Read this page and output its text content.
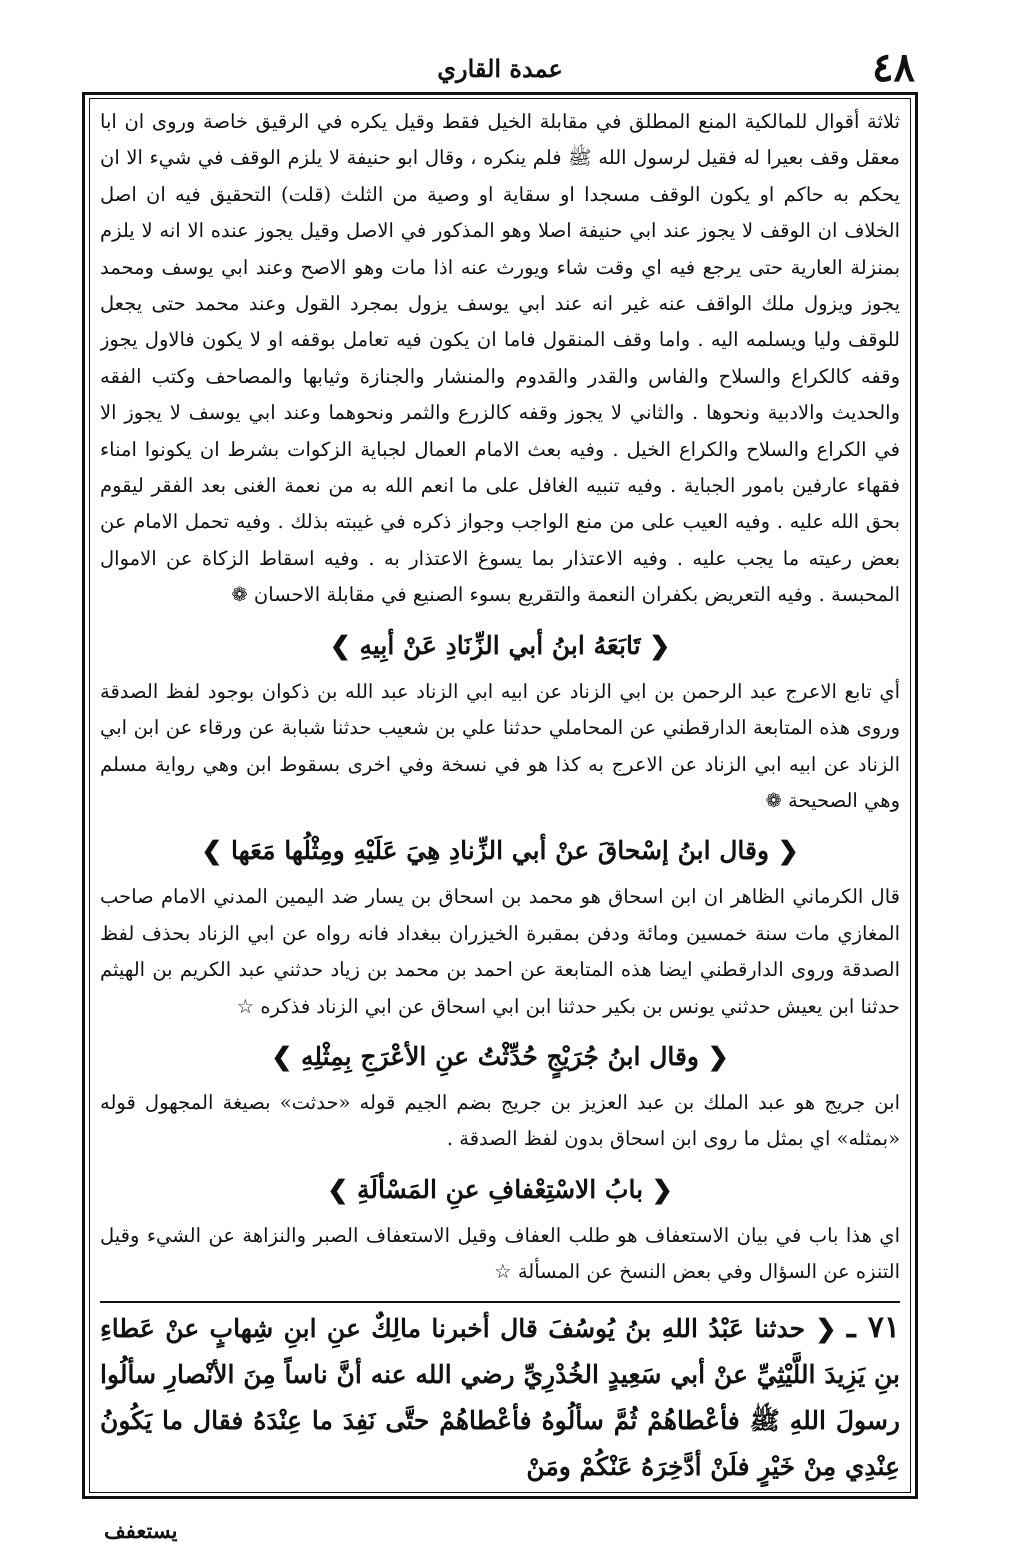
٤٨
عمدة القاري

ثلاثة أقوال للمالكية المنع المطلق في مقابلة الخيل فقط وقيل يكره في الرقيق خاصة وروى ان ابا معقل وقف بعيرا له فقيل لرسول الله ﷺ فلم ينكره ، وقال ابو حنيفة لا يلزم الوقف في شيء الا ان يحكم به حاكم او يكون الوقف مسجدا او سقاية او وصية من الثلث (قلت) التحقيق فيه ان اصل الخلاف ان الوقف لا يجوز عند ابي حنيفة اصلا وهو المذكور في الاصل وقيل يجوز عنده الا انه لا يلزم بمنزلة العارية حتى يرجع فيه اي وقت شاء ويورث عنه اذا مات وهو الاصح وعند ابي يوسف ومحمد يجوز ويزول ملك الواقف عنه غير انه عند ابي يوسف يزول بمجرد القول وعند محمد حتى يجعل للوقف وليا ويسلمه اليه . واما وقف المنقول فاما ان يكون فيه تعامل بوقفه او لا يكون فالاول يجوز وقفه كالكراع والسلاح والفاس والقدر والقدوم والمنشار والجنازة وثيابها والمصاحف وكتب الفقه والحديث والادبية ونحوها . والثاني لا يجوز وقفه كالزرع والثمر ونحوهما وعند ابي يوسف لا يجوز الا في الكراع والسلاح والكراع الخيل . وفيه بعث الامام العمال لجباية الزكوات بشرط ان يكونوا امناء فقهاء عارفين بامور الجباية . وفيه تنبيه الغافل على ما انعم الله به من نعمة الغنى بعد الفقر ليقوم بحق الله عليه . وفيه العيب على من منع الواجب وجواز ذكره في غيبته بذلك . وفيه تحمل الامام عن بعض رعيته ما يجب عليه . وفيه الاعتذار بما يسوغ الاعتذار به . وفيه اسقاط الزكاة عن الاموال المحبسة . وفيه التعريض بكفران النعمة والتقريع بسوء الصنيع في مقابلة الاحسان ❁

❮ تَابَعَهُ ابنُ أبي الزِّنَادِ عَنْ أبِيهِ ❯

أي تابع الاعرج عبد الرحمن بن ابي الزناد عن ابيه ابي الزناد عبد الله بن ذكوان بوجود لفظ الصدقة وروى هذه المتابعة الدارقطني عن المحاملي حدثنا علي بن شعيب حدثنا شبابة عن ورقاء عن ابن ابي الزناد عن ابيه ابي الزناد عن الاعرج به كذا هو في نسخة وفي اخرى بسقوط ابن وهي رواية مسلم وهي الصحيحة ❁

❮ وقال ابنُ إسْحاقَ عنْ أبي الزِّنادِ هِيَ عَلَيْهِ ومِثْلُها مَعَها ❯

قال الكرماني الظاهر ان ابن اسحاق هو محمد بن اسحاق بن يسار ضد اليمين المدني الامام صاحب المغازي مات سنة خمسين ومائة ودفن بمقبرة الخيزران ببغداد فانه رواه عن ابي الزناد بحذف لفظ الصدقة وروى الدارقطني ايضا هذه المتابعة عن احمد بن محمد بن زياد حدثني عبد الكريم بن الهيثم حدثنا ابن يعيش حدثني يونس بن بكير حدثنا ابن ابي اسحاق عن ابي الزناد فذكره ☆

❮ وقال ابنُ جُرَيْجٍ حُدِّثْتُ عنِ الأعْرَجِ بِمِثْلِهِ ❯

ابن جريج هو عبد الملك بن عبد العزيز بن جريج بضم الجيم قوله «حدثت» بصيغة المجهول قوله «بمثله» اي بمثل ما روى ابن اسحاق بدون لفظ الصدقة .

❮ بابُ الاسْتِعْفافِ عنِ المَسْألَةِ ❯

اي هذا باب في بيان الاستعفاف هو طلب العفاف وقيل الاستعفاف الصبر والنزاهة عن الشيء وقيل التنزه عن السؤال وفي بعض النسخ عن المسألة ☆

٧١ ـ ❮ حدثنا عَبْدُ اللهِ بنُ يُوسُفَ قال أخبرنا مالِكٌ عنِ ابنِ شِهابٍ عنْ عَطاءِ بنِ يَزِيدَ اللَّيْثِيِّ عنْ أبي سَعِيدٍ الخُدْرِيِّ رضي الله عنه أنَّ ناساً مِنَ الأنْصارِ سألُوا رسولَ اللهِ ﷺ فأعْطاهُمْ ثُمَّ سألُوهُ فأعْطاهُمْ حتَّى نَفِدَ ما عِنْدَهُ فقال ما يَكُونُ عِنْدِي مِنْ خَيْرٍ فلَنْ أدَّخِرَهُ عَنْكُمْ ومَنْ
يستعفف
